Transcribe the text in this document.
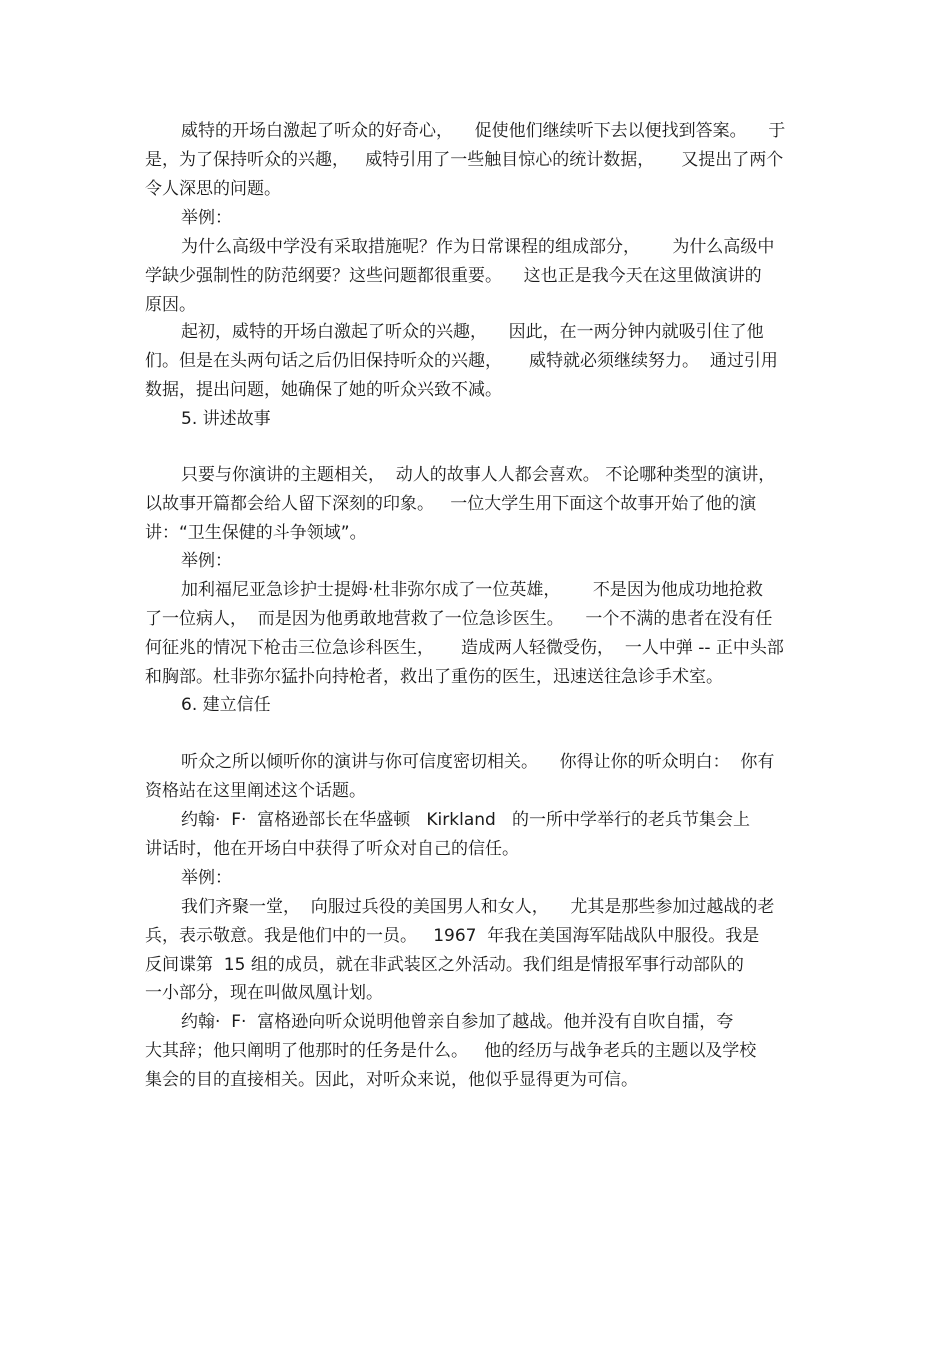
威特的开场白激起了听众的好奇心，    促使他们继续听下去以便找到答案。    于
是，为了保持听众的兴趣，   威特引用了一些触目惊心的统计数据，     又提出了两个
令人深思的问题。
举例：
为什么高级中学没有采取措施呢？作为日常课程的组成部分，      为什么高级中
学缺少强制性的防范纲要？这些问题都很重要。    这也正是我今天在这里做演讲的
原因。
起初，威特的开场白激起了听众的兴趣，    因此，在一两分钟内就吸引住了他
们。但是在头两句话之后仍旧保持听众的兴趣，     威特就必须继续努力。  通过引用
数据，提出问题，她确保了她的听众兴致不减。
5. 讲述故事
只要与你演讲的主题相关，  动人的故事人人都会喜欢。 不论哪种类型的演讲，
以故事开篇都会给人留下深刻的印象。   一位大学生用下面这个故事开始了他的演
讲：“卫生保健的斗争领域”。
举例：
加利福尼亚急诊护士提姆·杜非弥尔成了一位英雄，      不是因为他成功地抢救
了一位病人，  而是因为他勇敢地营救了一位急诊医生。    一个不满的患者在没有任
何征兆的情况下枪击三位急诊科医生，     造成两人轻微受伤，  一人中弹 -- 正中头部
和胸部。杜非弥尔猛扑向持枪者，救出了重伤的医生，迅速送往急诊手术室。
6. 建立信任
听众之所以倾听你的演讲与你可信度密切相关。    你得让你的听众明白：  你有
资格站在这里阐述这个话题。
约翰·  F·  富格逊部长在华盛顿   Kirkland   的一所中学举行的老兵节集会上
讲话时，他在开场白中获得了听众对自己的信任。
举例：
我们齐聚一堂，  向服过兵役的美国男人和女人，    尤其是那些参加过越战的老
兵，表示敬意。我是他们中的一员。   1967  年我在美国海军陆战队中服役。我是
反间谍第  15 组的成员，就在非武装区之外活动。我们组是情报军事行动部队的
一小部分，现在叫做凤凰计划。
约翰·  F·  富格逊向听众说明他曾亲自参加了越战。他并没有自吹自擂，夸
大其辞；他只阐明了他那时的任务是什么。   他的经历与战争老兵的主题以及学校
集会的目的直接相关。因此，对听众来说，他似乎显得更为可信。
